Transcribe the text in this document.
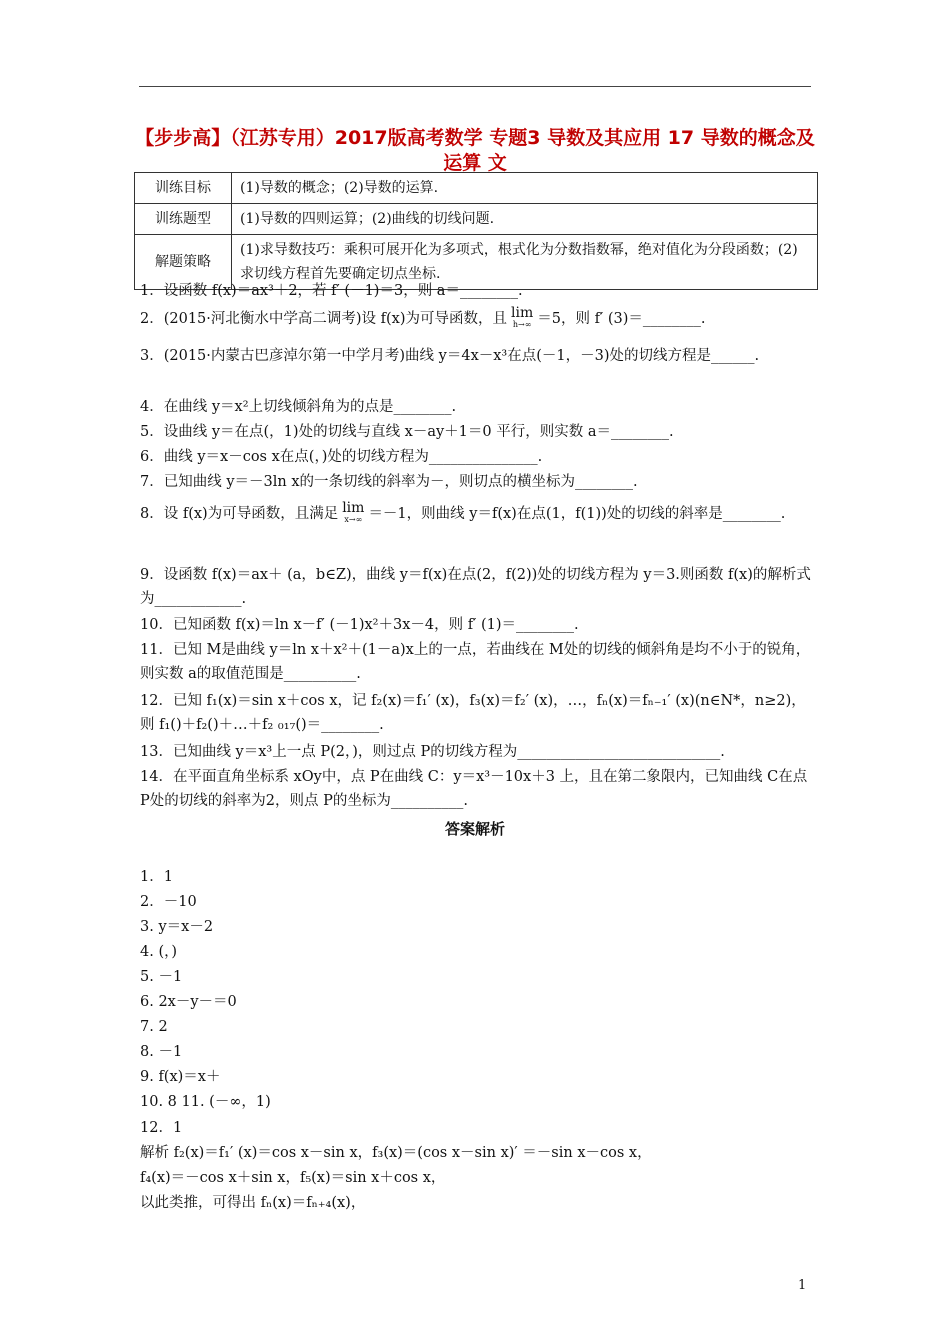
【步步高】（江苏专用）2017版高考数学 专题3 导数及其应用 17 导数的概念及运算 文
训练目标	(1)导数的概念；(2)导数的运算.
训练题型	(1)导数的四则运算；(2)曲线的切线问题.
解题策略	(1)求导数技巧：乘积可展开化为多项式，根式化为分数指数幂，绝对值化为分段函数；(2)求切线方程首先要确定切点坐标.
1．设函数 f(x)＝ax³＋2，若 f′ (－1)＝3，则 a＝________.
2．(2015·河北衡水中学高二调考)设 f(x)为可导函数，且 lim
h→∞ ＝5，则 f′ (3)＝________.
3．(2015·内蒙古巴彦淖尔第一中学月考)曲线 y＝4x－x³在点(－1，－3)处的切线方程是______.
4．在曲线 y＝x²上切线倾斜角为的点是________.
5．设曲线 y＝在点(，1)处的切线与直线 x－ay＋1＝0 平行，则实数 a＝________.
6．曲线 y＝x－cos x在点(，)处的切线方程为_______________.
7．已知曲线 y＝－3ln x的一条切线的斜率为－，则切点的横坐标为________.
8．设 f(x)为可导函数，且满足 lim
x→∞ ＝－1，则曲线 y＝f(x)在点(1，f(1))处的切线的斜率是________.
9．设函数 f(x)＝ax＋ (a，b∈Z)，曲线 y＝f(x)在点(2，f(2))处的切线方程为 y＝3.则函数 f(x)的解析式为____________.
10．已知函数 f(x)＝ln x－f′ (－1)x²＋3x－4，则 f′ (1)＝________.
11．已知 M是曲线 y＝ln x＋x²＋(1－a)x上的一点，若曲线在 M处的切线的倾斜角是均不小于的锐角，则实数 a的取值范围是__________.
12．已知 f₁(x)＝sin x＋cos x，记 f₂(x)＝f₁′ (x)，f₃(x)＝f₂′ (x)，…，fₙ(x)＝fₙ₋₁′ (x)(n∈N*，n≥2)，则 f₁()＋f₂()＋…＋f₂ ₀₁₇()＝________.
13．已知曲线 y＝x³上一点 P(2，)，则过点 P的切线方程为____________________________.
14．在平面直角坐标系 xOy中，点 P在曲线 C：y＝x³－10x＋3 上，且在第二象限内，已知曲线 C在点 P处的切线的斜率为2，则点 P的坐标为__________.
答案解析
1．1
2．－10
3. y＝x－2
4. (，)
5. －1
6. 2x－y－＝0
7. 2
8. －1
9. f(x)＝x＋
10. 8 11. (－∞，1)
12．1
解析 f₂(x)＝f₁′ (x)＝cos x－sin x，f₃(x)＝(cos x－sin x)′ ＝－sin x－cos x，
f₄(x)＝－cos x＋sin x，f₅(x)＝sin x＋cos x，
以此类推，可得出 fₙ(x)＝fₙ₊₄(x)，
1
